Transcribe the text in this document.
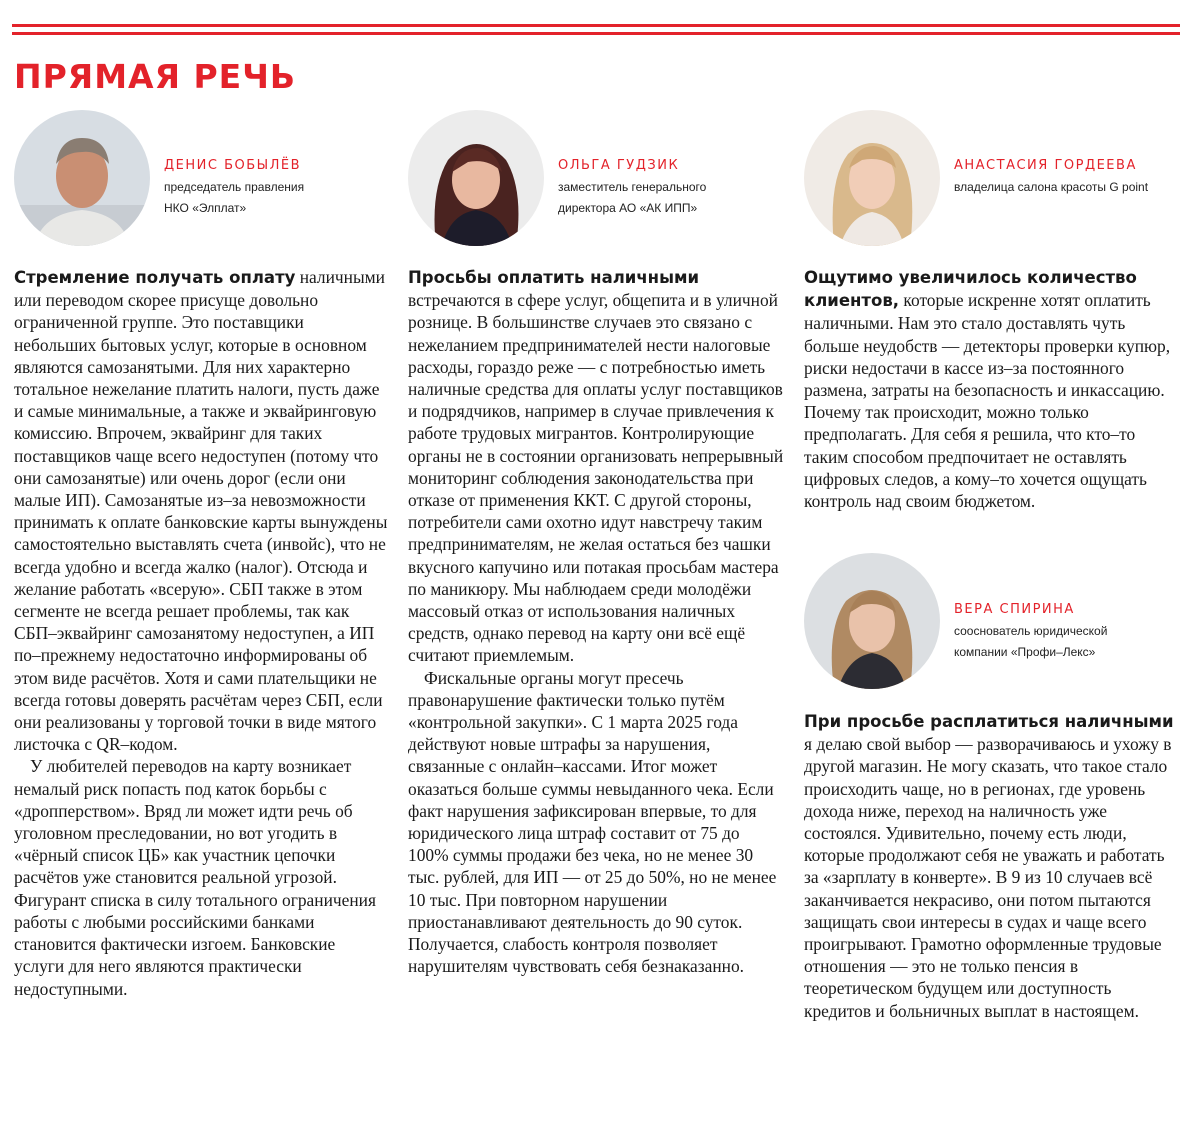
ПРЯМАЯ РЕЧЬ

ДЕНИС БОБЫЛЁВ

председатель правления
НКО «Элплат»

ОЛЬГА ГУДЗИК

заместитель генерального
директора АО «АК ИПП»

АНАСТАСИЯ ГОРДЕЕВА

владелица салона красоты G point

ВЕРА СПИРИНА

сооснователь юридической
компании «Профи–Лекс»

Стремление получать оплату наличными или переводом скорее присуще довольно ограниченной группе. Это поставщики небольших бытовых услуг, которые в основном являются самозанятыми. Для них характерно тотальное нежелание платить налоги, пусть даже и самые минимальные, а также и эквайринговую комиссию. Впрочем, эквайринг для таких поставщиков чаще всего недоступен (потому что они самозанятые) или очень дорог (если они малые ИП). Самозанятые из–за невозможности принимать к оплате банковские карты вынуждены самостоятельно выставлять счета (инвойс), что не всегда удобно и всегда жалко (налог). Отсюда и желание работать «всерую». СБП также в этом сегменте не всегда решает проблемы, так как СБП–эквайринг самозанятому недоступен, а ИП по–прежнему недостаточно информированы об этом виде расчётов. Хотя и сами плательщики не всегда готовы доверять расчётам через СБП, если они реализованы у торговой точки в виде мятого листочка с QR–кодом.

У любителей переводов на карту возникает немалый риск попасть под каток борьбы с «дропперством». Вряд ли может идти речь об уголовном преследовании, но вот угодить в «чёрный список ЦБ» как участник цепочки расчётов уже становится реальной угрозой. Фигурант списка в силу тотального ограничения работы с любыми российскими банками становится фактически изгоем. Банковские услуги для него являются практически недоступными.

Просьбы оплатить наличными встречаются в сфере услуг, общепита и в уличной рознице. В большинстве случаев это связано с нежеланием предпринимателей нести налоговые расходы, гораздо реже — с потребностью иметь наличные средства для оплаты услуг поставщиков и подрядчиков, например в случае привлечения к работе трудовых мигрантов. Контролирующие органы не в состоянии организовать непрерывный мониторинг соблюдения законодательства при отказе от применения ККТ. С другой стороны, потребители сами охотно идут навстречу таким предпринимателям, не желая остаться без чашки вкусного капучино или потакая просьбам мастера по маникюру. Мы наблюдаем среди молодёжи массовый отказ от использования наличных средств, однако перевод на карту они всё ещё считают приемлемым.

Фискальные органы могут пресечь правонарушение фактически только путём «контрольной закупки». С 1 марта 2025 года действуют новые штрафы за нарушения, связанные с онлайн–кассами. Итог может оказаться больше суммы невыданного чека. Если факт нарушения зафиксирован впервые, то для юридического лица штраф составит от 75 до 100% суммы продажи без чека, но не менее 30 тыс. рублей, для ИП — от 25 до 50%, но не менее 10 тыс. При повторном нарушении приостанавливают деятельность до 90 суток. Получается, слабость контроля позволяет нарушителям чувствовать себя безнаказанно.

Ощутимо увеличилось количество клиентов, которые искренне хотят оплатить наличными. Нам это стало доставлять чуть больше неудобств — детекторы проверки купюр, риски недостачи в кассе из–за постоянного размена, затраты на безопасность и инкассацию. Почему так происходит, можно только предполагать. Для себя я решила, что кто–то таким способом предпочитает не оставлять цифровых следов, а кому–то хочется ощущать контроль над своим бюджетом.

При просьбе расплатиться наличными я делаю свой выбор — разворачиваюсь и ухожу в другой магазин. Не могу сказать, что такое стало происходить чаще, но в регионах, где уровень дохода ниже, переход на наличность уже состоялся. Удивительно, почему есть люди, которые продолжают себя не уважать и работать за «зарплату в конверте». В 9 из 10 случаев всё заканчивается некрасиво, они потом пытаются защищать свои интересы в судах и чаще всего проигрывают. Грамотно оформленные трудовые отношения — это не только пенсия в теоретическом будущем или доступность кредитов и больничных выплат в настоящем.
